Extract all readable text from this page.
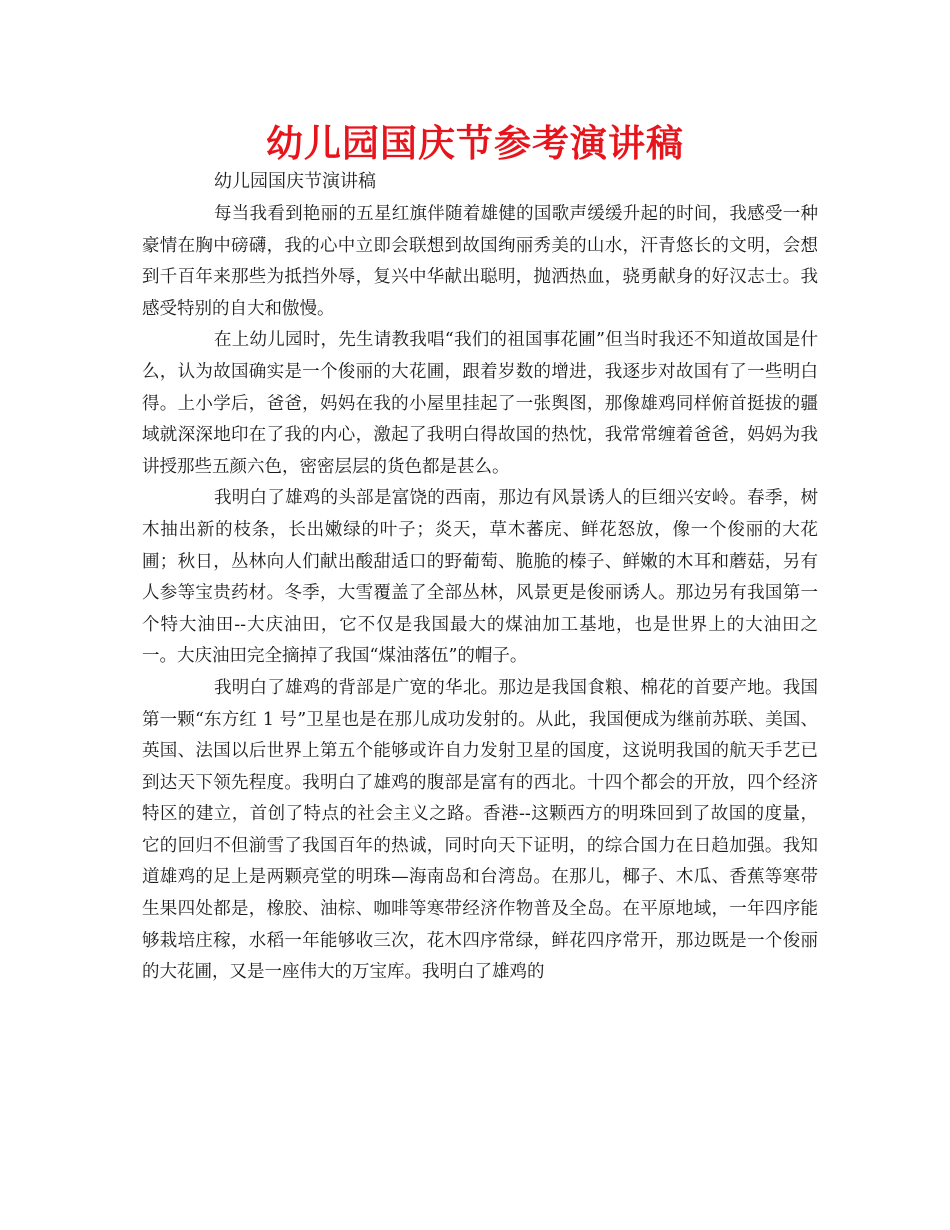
幼儿园国庆节参考演讲稿
幼儿园国庆节演讲稿

每当我看到艳丽的五星红旗伴随着雄健的国歌声缓缓升起的时间，我感受一种豪情在胸中磅礴，我的心中立即会联想到故国绚丽秀美的山水，汗青悠长的文明，会想到千百年来那些为抵挡外辱，复兴中华献出聪明，抛洒热血，骁勇献身的好汉志士。我感受特别的自大和傲慢。

在上幼儿园时，先生请教我唱“我们的祖国事花圃”但当时我还不知道故国是什么，认为故国确实是一个俊丽的大花圃，跟着岁数的增进，我逐步对故国有了一些明白得。上小学后，爸爸，妈妈在我的小屋里挂起了一张舆图，那像雄鸡同样俯首挺拔的疆域就深深地印在了我的内心，激起了我明白得故国的热忱，我常常缠着爸爸，妈妈为我讲授那些五颜六色，密密层层的货色都是甚么。

我明白了雄鸡的头部是富饶的西南，那边有风景诱人的巨细兴安岭。春季，树木抽出新的枝条，长出嫩绿的叶子；炎天，草木蕃庑、鲜花怒放，像一个俊丽的大花圃；秋日，丛林向人们献出酸甜适口的野葡萄、脆脆的榛子、鲜嫩的木耳和蘑菇，另有人参等宝贵药材。冬季，大雪覆盖了全部丛林，风景更是俊丽诱人。那边另有我国第一个特大油田--大庆油田，它不仅是我国最大的煤油加工基地，也是世界上的大油田之一。大庆油田完全摘掉了我国“煤油落伍”的帽子。

我明白了雄鸡的背部是广宽的华北。那边是我国食粮、棉花的首要产地。我国第一颗“东方红 1 号”卫星也是在那儿成功发射的。从此，我国便成为继前苏联、美国、英国、法国以后世界上第五个能够或许自力发射卫星的国度，这说明我国的航天手艺已到达天下领先程度。我明白了雄鸡的腹部是富有的西北。十四个都会的开放，四个经济特区的建立，首创了特点的社会主义之路。香港--这颗西方的明珠回到了故国的度量，它的回归不但湔雪了我国百年的热诚，同时向天下证明，的综合国力在日趋加强。我知道雄鸡的足上是两颗亮堂的明珠—海南岛和台湾岛。在那儿，椰子、木瓜、香蕉等寒带生果四处都是，橡胶、油棕、咖啡等寒带经济作物普及全岛。在平原地域，一年四序能够栽培庄稼，水稻一年能够收三次，花木四序常绿，鲜花四序常开，那边既是一个俊丽的大花圃，又是一座伟大的万宝库。我明白了雄鸡的
